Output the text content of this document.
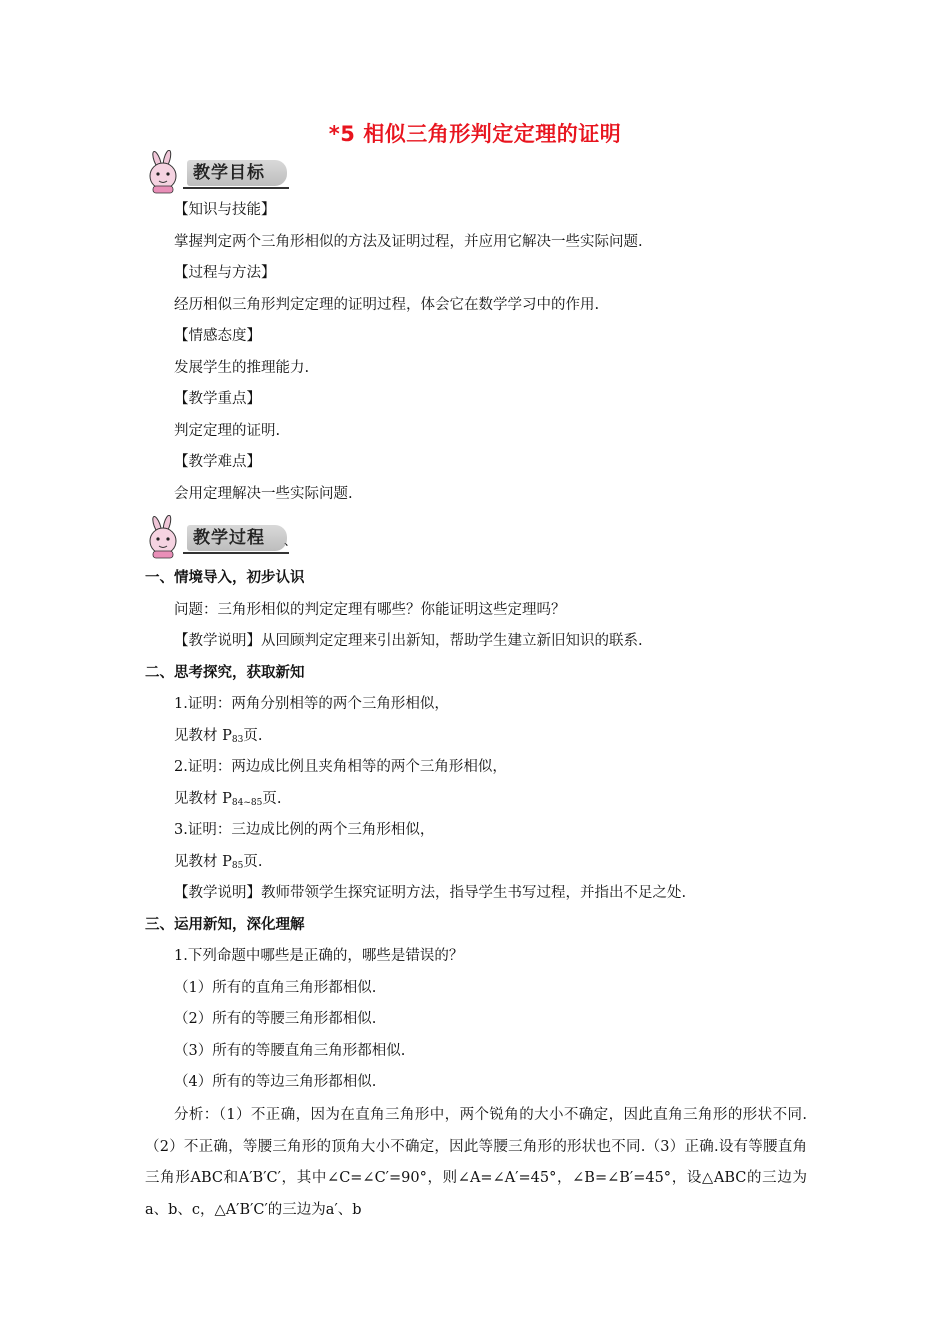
*5 相似三角形判定定理的证明
教学目标
【知识与技能】
掌握判定两个三角形相似的方法及证明过程，并应用它解决一些实际问题.
【过程与方法】
经历相似三角形判定定理的证明过程，体会它在数学学习中的作用.
【情感态度】
发展学生的推理能力.
【教学重点】
判定定理的证明.
【教学难点】
会用定理解决一些实际问题.
教学过程	、
一、情境导入，初步认识
问题：三角形相似的判定定理有哪些？你能证明这些定理吗？
【教学说明】从回顾判定定理来引出新知，帮助学生建立新旧知识的联系.
二、思考探究，获取新知
1.证明：两角分别相等的两个三角形相似，
见教材 $P_{83}$页.
2.证明：两边成比例且夹角相等的两个三角形相似，
见教材 $P_{84\sim 85}$页.
3.证明：三边成比例的两个三角形相似，
见教材 $P_{85}$页.
【教学说明】教师带领学生探究证明方法，指导学生书写过程，并指出不足之处.
三、运用新知，深化理解
1.下列命题中哪些是正确的，哪些是错误的？
（1）所有的直角三角形都相似.
（2）所有的等腰三角形都相似.
（3）所有的等腰直角三角形都相似.
（4）所有的等边三角形都相似.
分析：（1）不正确，因为在直角三角形中，两个锐角的大小不确定，因此直角三角形的形状不同.（2）不正确，等腰三角形的顶角大小不确定，因此等腰三角形的形状也不同.（3）正确.设有等腰直角三角形ABC和A′B′C′，其中∠C=∠C′=90°，则∠A=∠A′=45°，∠B=∠B′=45°，设△ABC的三边为a、b、c，△A′B′C′的三边为a′、b
